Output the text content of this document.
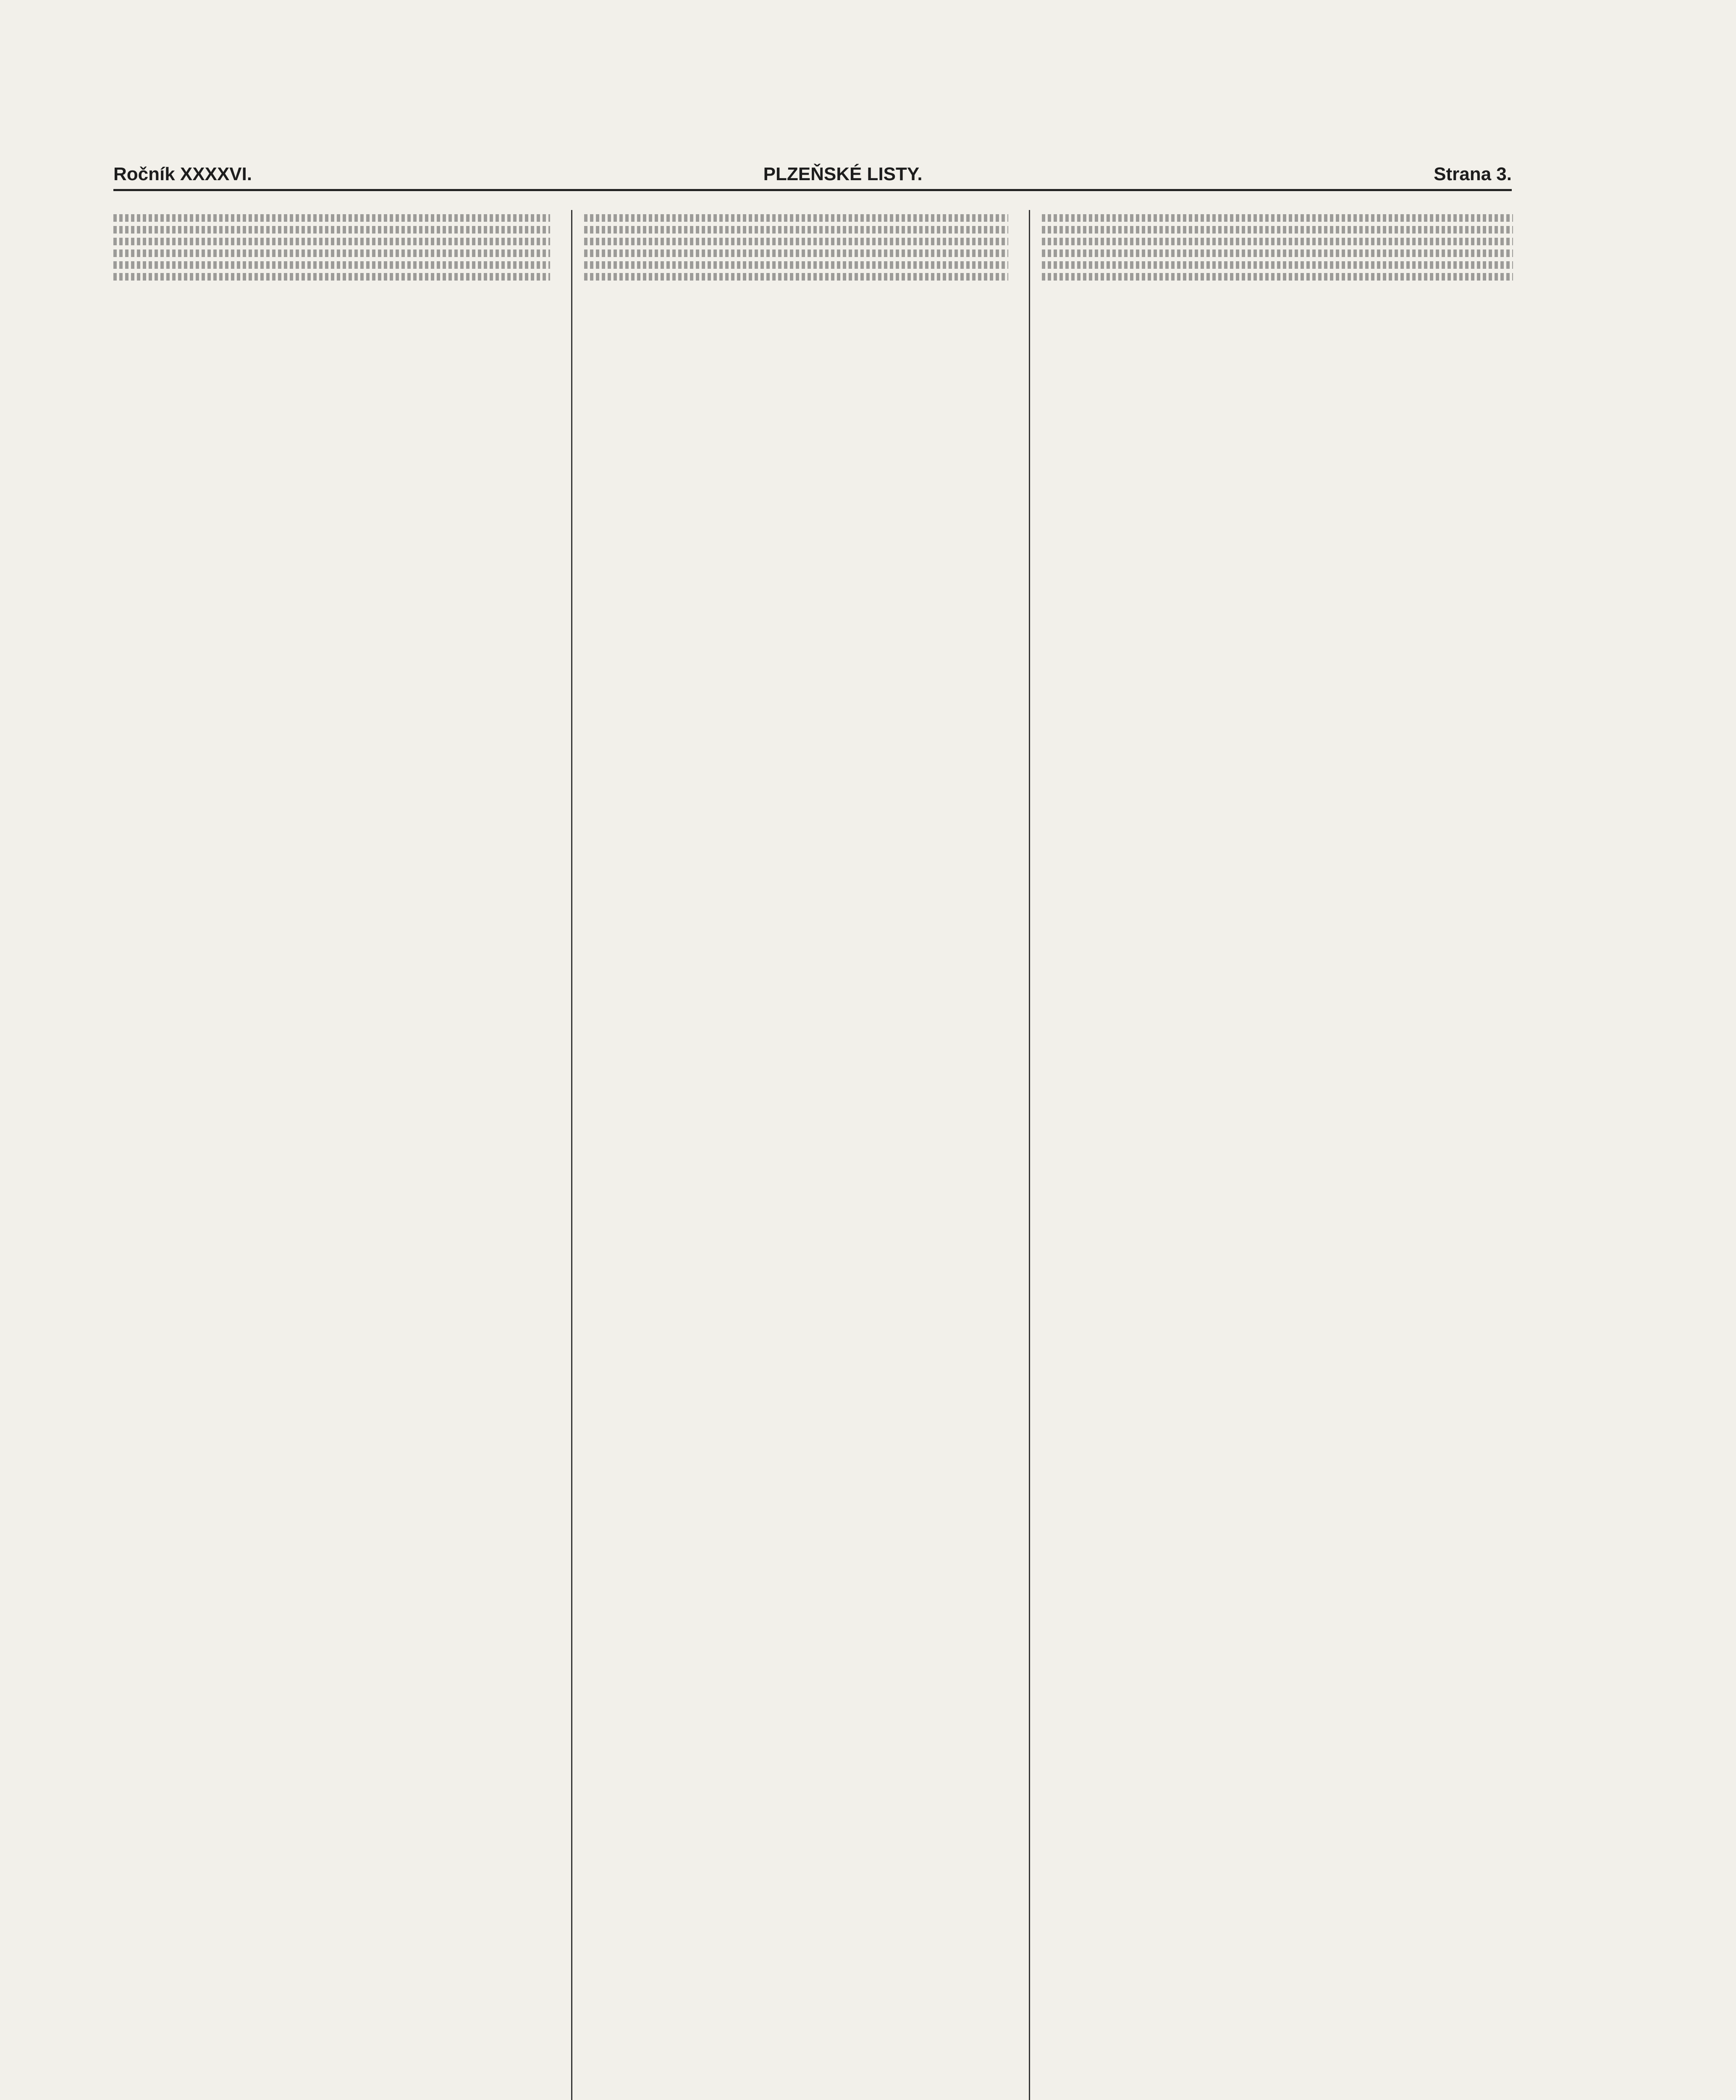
Ročník XXXXVI.	PLZEŇSKÉ LISTY.	Strana 3.
